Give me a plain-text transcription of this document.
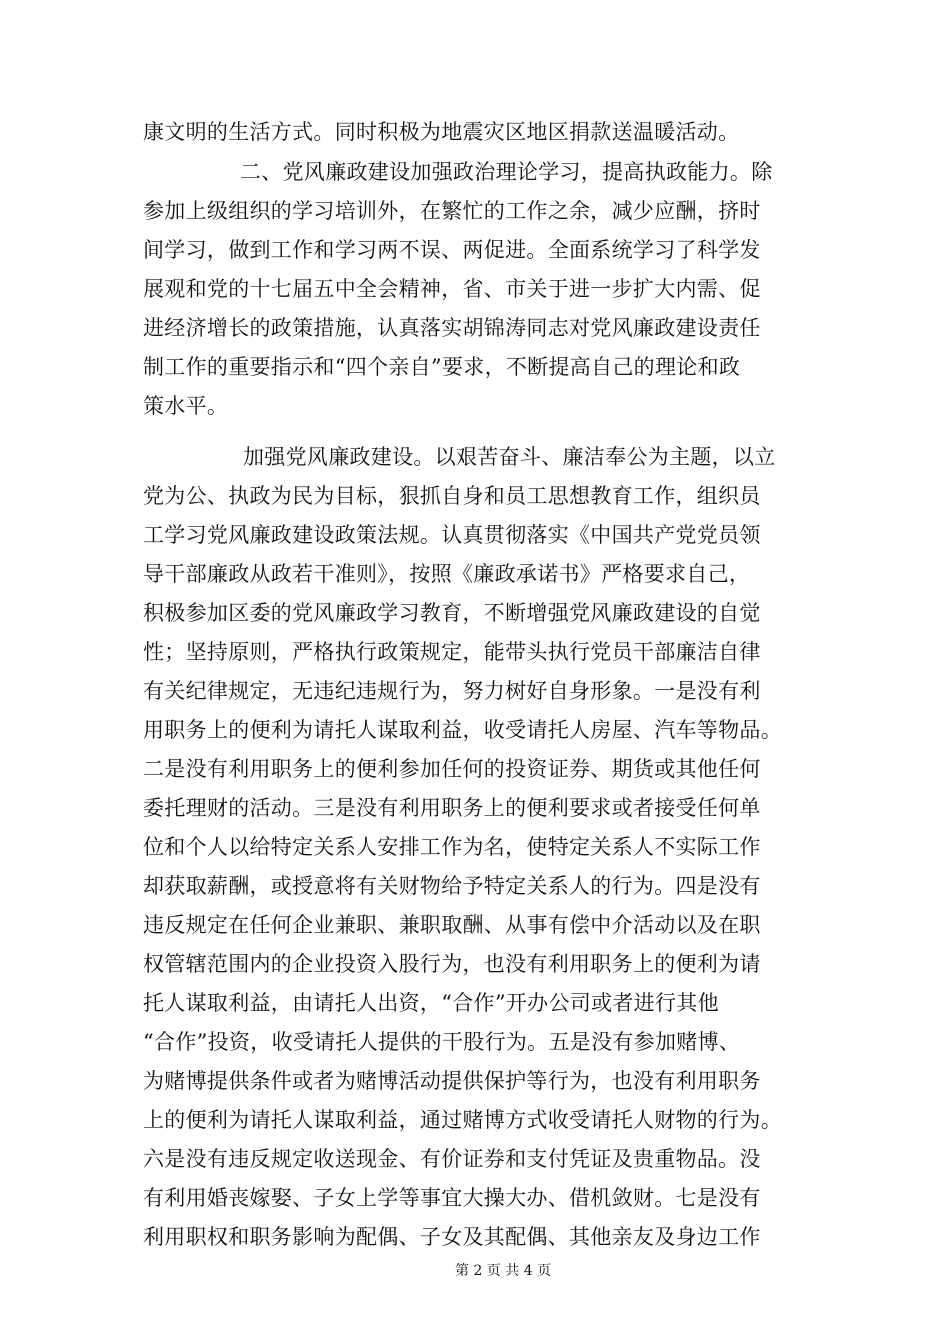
康文明的生活方式。同时积极为地震灾区地区捐款送温暖活动。
二、党风廉政建设加强政治理论学习，提高执政能力。除
参加上级组织的学习培训外，在繁忙的工作之余，减少应酬，挤时
间学习，做到工作和学习两不误、两促进。全面系统学习了科学发
展观和党的十七届五中全会精神，省、市关于进一步扩大内需、促
进经济增长的政策措施，认真落实胡锦涛同志对党风廉政建设责任
制工作的重要指示和“四个亲自”要求，不断提高自己的理论和政
策水平。
加强党风廉政建设。以艰苦奋斗、廉洁奉公为主题，以立
党为公、执政为民为目标，狠抓自身和员工思想教育工作，组织员
工学习党风廉政建设政策法规。认真贯彻落实《中国共产党党员领
导干部廉政从政若干准则》，按照《廉政承诺书》严格要求自己，
积极参加区委的党风廉政学习教育，不断增强党风廉政建设的自觉
性；坚持原则，严格执行政策规定，能带头执行党员干部廉洁自律
有关纪律规定，无违纪违规行为，努力树好自身形象。一是没有利
用职务上的便利为请托人谋取利益，收受请托人房屋、汽车等物品。
二是没有利用职务上的便利参加任何的投资证券、期货或其他任何
委托理财的活动。三是没有利用职务上的便利要求或者接受任何单
位和个人以给特定关系人安排工作为名，使特定关系人不实际工作
却获取薪酬，或授意将有关财物给予特定关系人的行为。四是没有
违反规定在任何企业兼职、兼职取酬、从事有偿中介活动以及在职
权管辖范围内的企业投资入股行为，也没有利用职务上的便利为请
托人谋取利益，由请托人出资，“合作”开办公司或者进行其他
“合作”投资，收受请托人提供的干股行为。五是没有参加赌博、
为赌博提供条件或者为赌博活动提供保护等行为，也没有利用职务
上的便利为请托人谋取利益，通过赌博方式收受请托人财物的行为。
六是没有违反规定收送现金、有价证券和支付凭证及贵重物品。没
有利用婚丧嫁娶、子女上学等事宜大操大办、借机敛财。七是没有
利用职权和职务影响为配偶、子女及其配偶、其他亲友及身边工作
第 2 页 共 4 页
